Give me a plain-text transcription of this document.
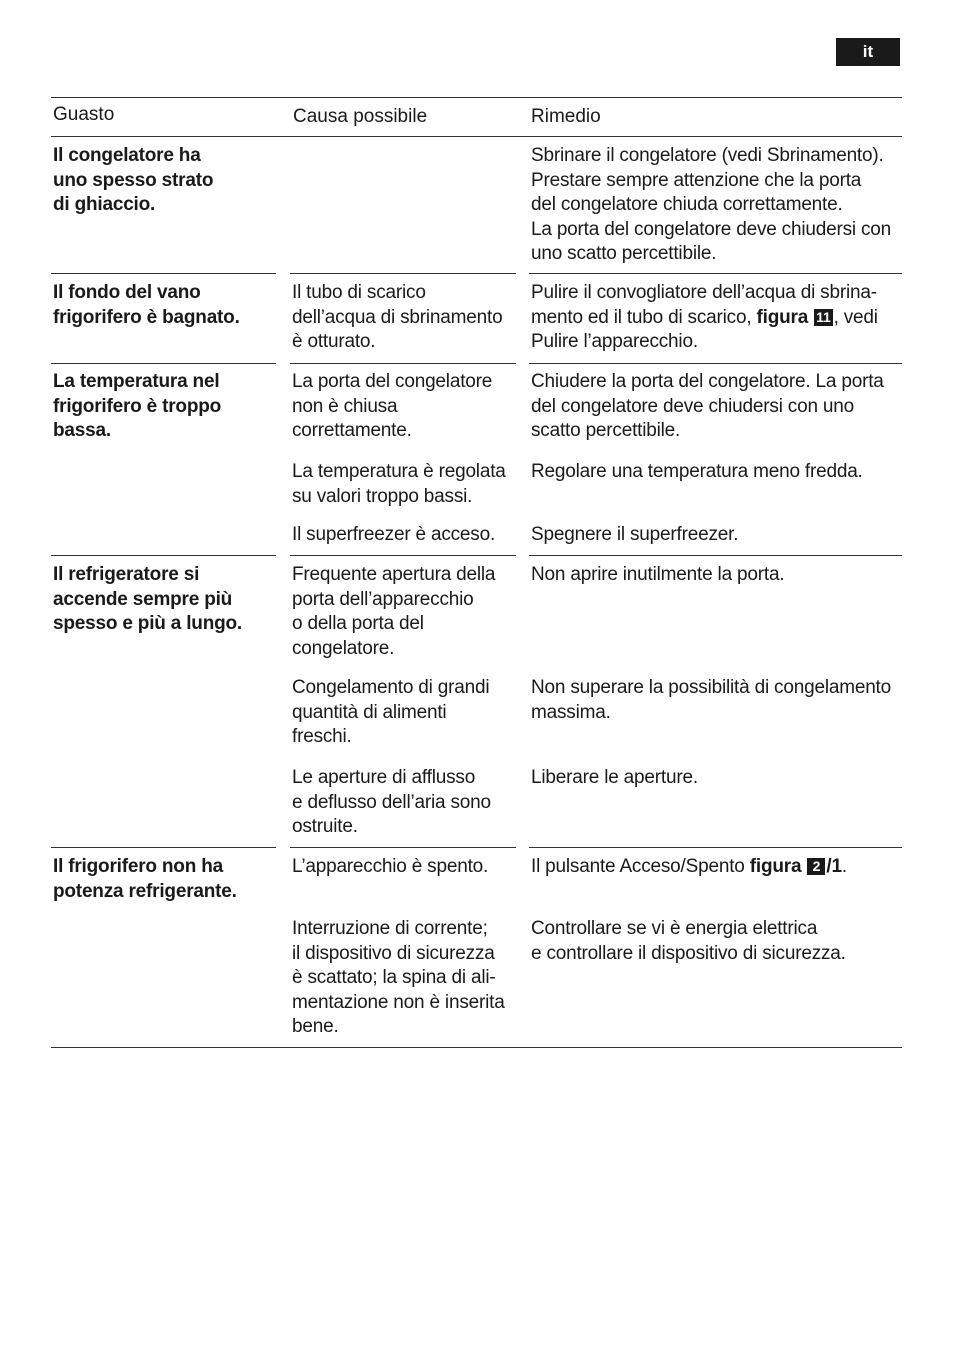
it
Guasto	Causa possibile	Rimedio
Il congelatore ha
uno spesso strato
di ghiaccio.
Sbrinare il congelatore (vedi Sbrinamento).
Prestare sempre attenzione che la porta
del congelatore chiuda correttamente.
La porta del congelatore deve chiudersi con
uno scatto percettibile.
Il fondo del vano
frigorifero è bagnato.
Il tubo di scarico
dell’acqua di sbrinamento
è otturato.
Pulire il convogliatore dell’acqua di sbrina-
mento ed il tubo di scarico, figura 11 , vedi
Pulire l’apparecchio.
La temperatura nel
frigorifero è troppo
bassa.
La porta del congelatore
non è chiusa
correttamente.
Chiudere la porta del congelatore. La porta
del congelatore deve chiudersi con uno
scatto percettibile.
La temperatura è regolata
su valori troppo bassi.
Regolare una temperatura meno fredda.
Il superfreezer è acceso. Spegnere il superfreezer.
Il refrigeratore si
accende sempre più
spesso e più a lungo.
Frequente apertura della
porta dell’apparecchio
o della porta del
congelatore.
Non aprire inutilmente la porta.
Congelamento di grandi
quantità di alimenti
freschi.
Non superare la possibilità di congelamento
massima.
Le aperture di afflusso
e deflusso dell’aria sono
ostruite.
Liberare le aperture.
Il frigorifero non ha
potenza refrigerante.
L’apparecchio è spento. Il pulsante Acceso/Spento figura 2 /1.
Interruzione di corrente;
il dispositivo di sicurezza
è scattato; la spina di ali-
mentazione non è inserita
bene.
Controllare se vi è energia elettrica
e controllare il dispositivo di sicurezza.
